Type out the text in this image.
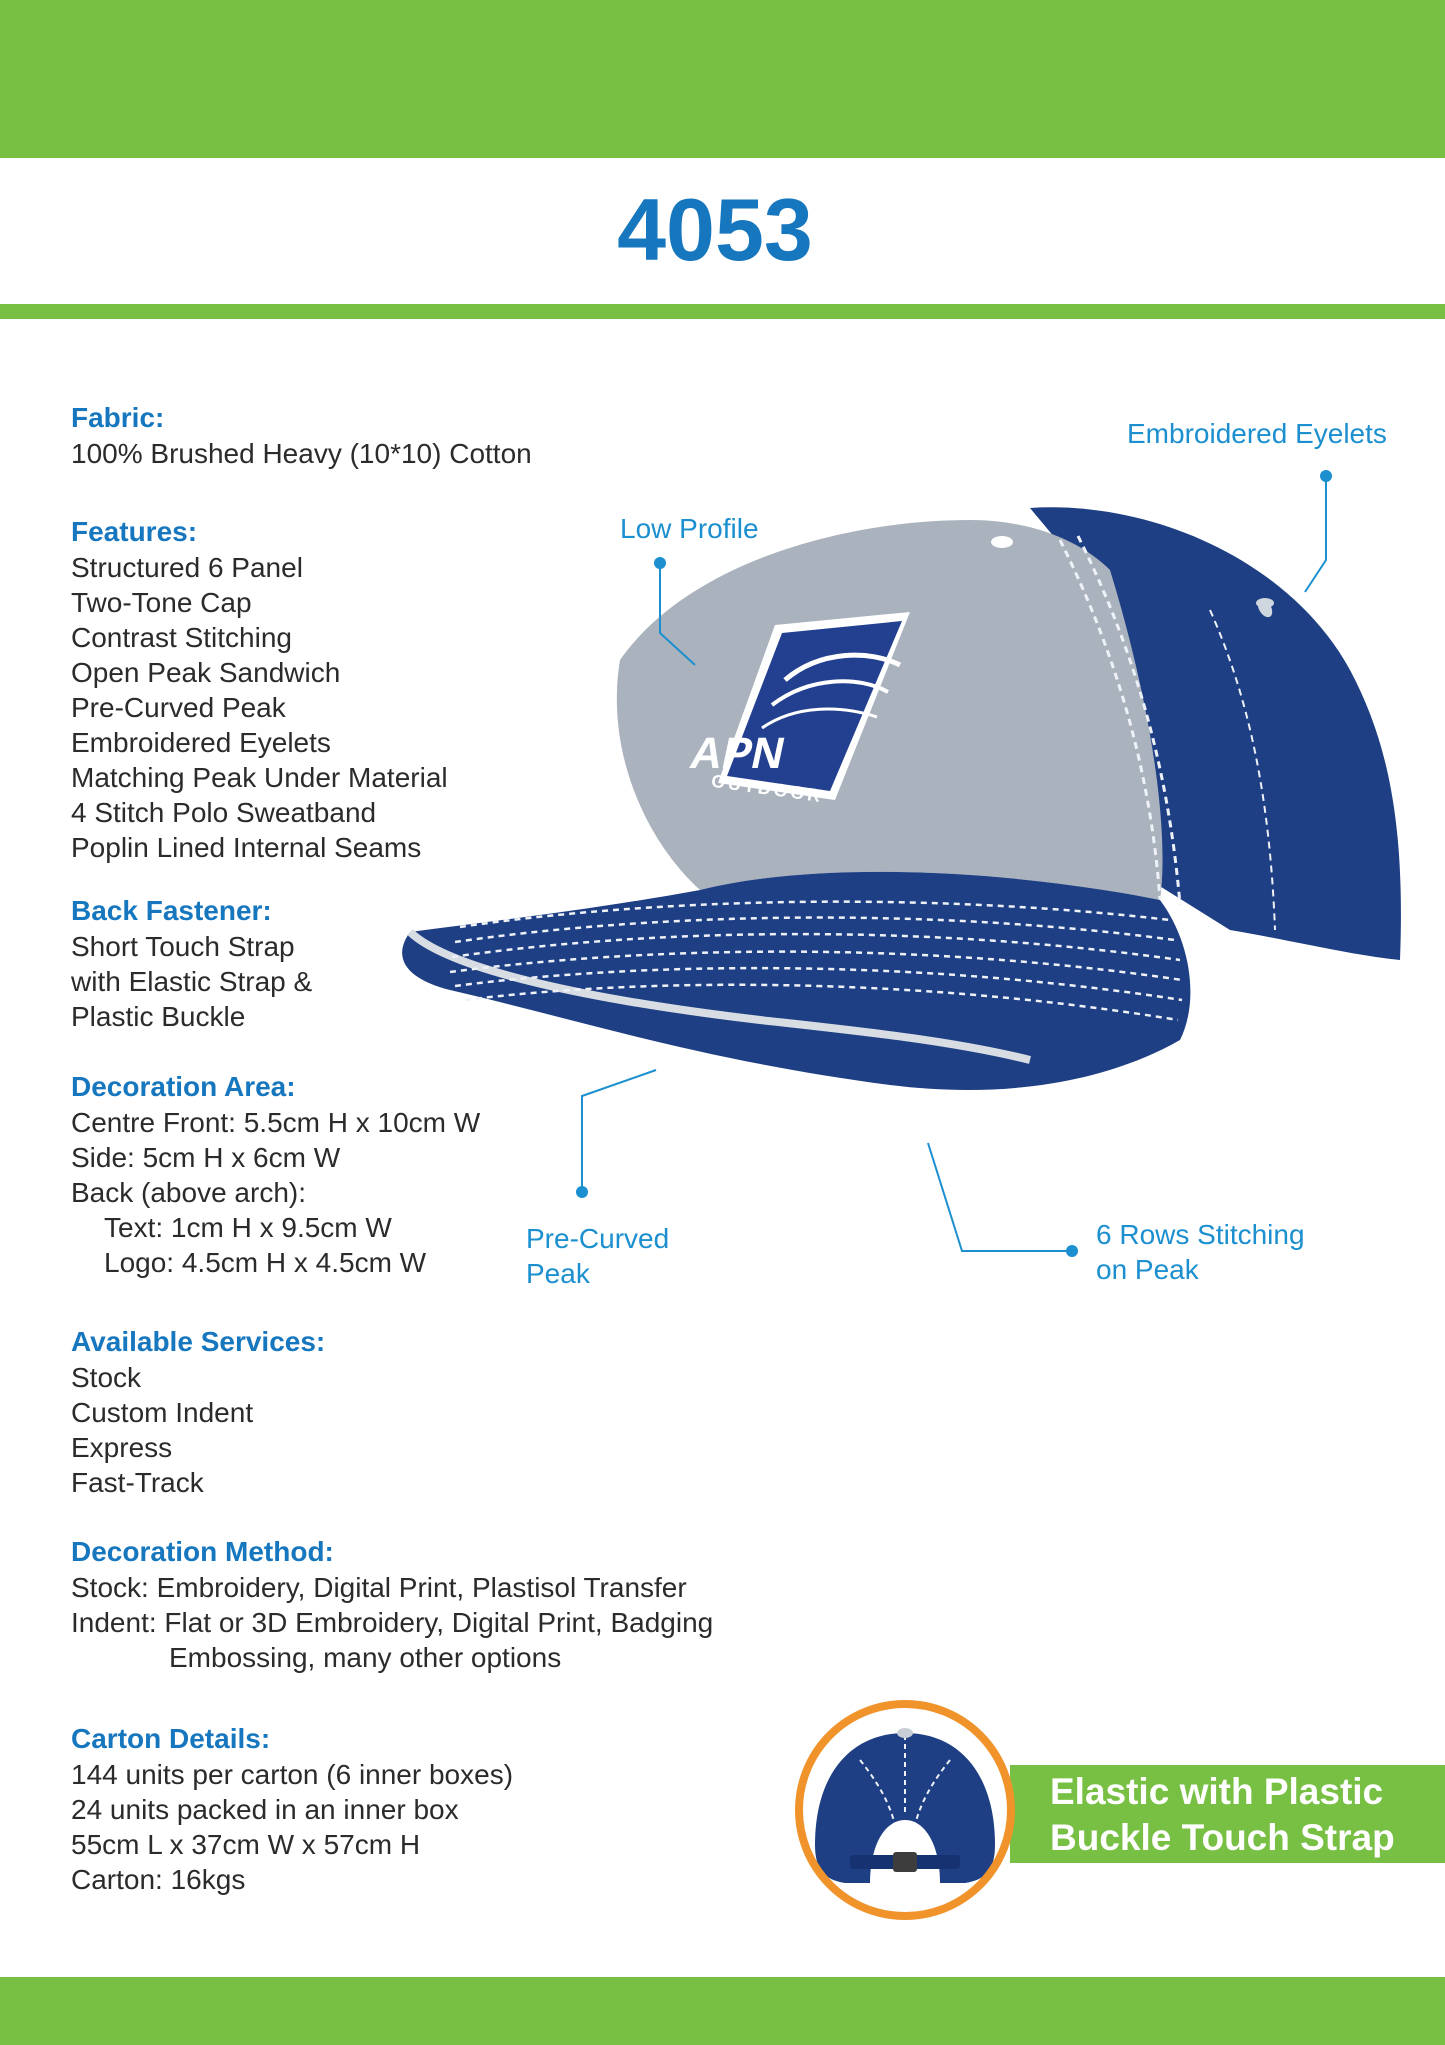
4053
Fabric:
100% Brushed Heavy (10*10) Cotton
Features:
Structured 6 Panel
Two-Tone Cap
Contrast Stitching
Open Peak Sandwich
Pre-Curved Peak
Embroidered Eyelets
Matching Peak Under Material
4 Stitch Polo Sweatband
Poplin Lined Internal Seams
Back Fastener:
Short Touch Strap
with Elastic Strap &
Plastic Buckle
Decoration Area:
Centre Front: 5.5cm H x 10cm W
Side: 5cm H x 6cm W
Back (above arch):
Text: 1cm H x 9.5cm W
Logo: 4.5cm H x 4.5cm W
Available Services:
Stock
Custom Indent
Express
Fast-Track
Decoration Method:
Stock: Embroidery, Digital Print, Plastisol Transfer
Indent: Flat or 3D Embroidery, Digital Print, Badging
Embossing, many other options
Carton Details:
144 units per carton (6 inner boxes)
24 units packed in an inner box
55cm L x 37cm W x 57cm H
Carton: 16kgs
APN
OUTDOOR
Embroidered Eyelets
Low Profile
Pre-Curved
Peak
6 Rows Stitching
on Peak
Elastic with Plastic
Buckle Touch Strap
